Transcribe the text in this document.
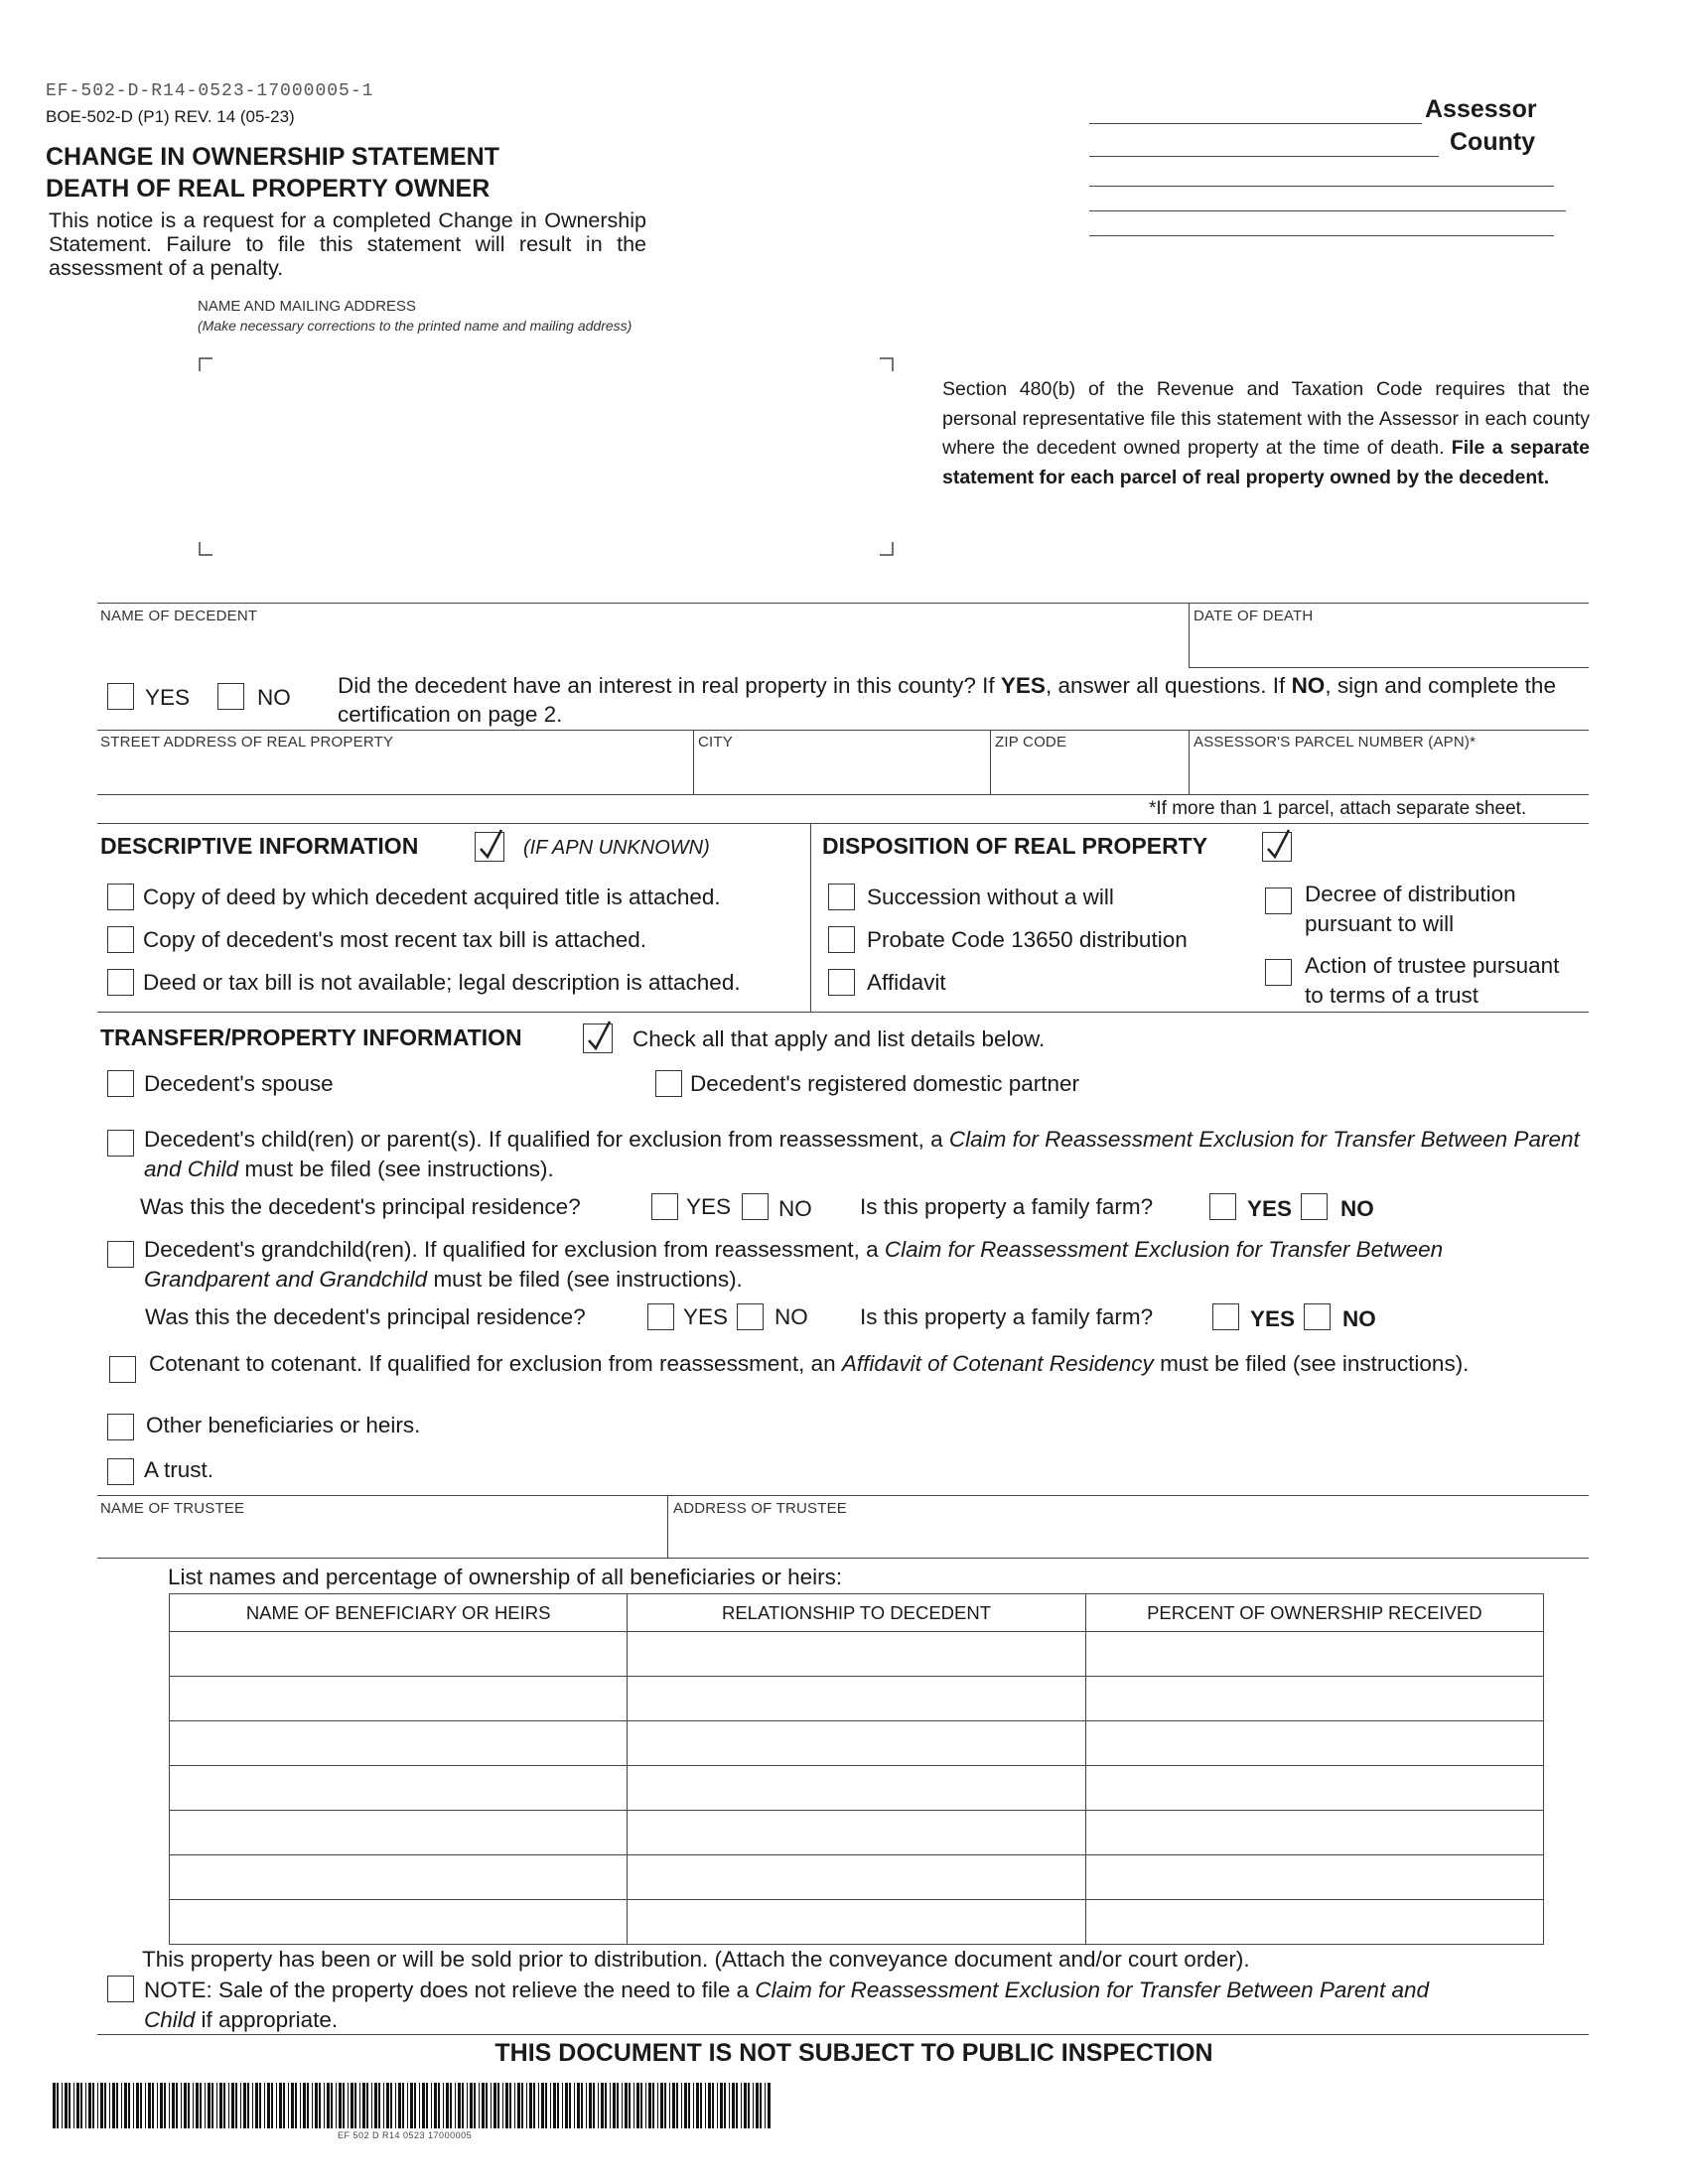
EF-502-D-R14-0523-17000005-1
BOE-502-D (P1) REV. 14 (05-23)
CHANGE IN OWNERSHIP STATEMENT
DEATH OF REAL PROPERTY OWNER
This notice is a request for a completed Change in Ownership Statement. Failure to file this statement will result in the assessment of a penalty.
Assessor
County
NAME AND MAILING ADDRESS
(Make necessary corrections to the printed name and mailing address)
Section 480(b) of the Revenue and Taxation Code requires that the personal representative file this statement with the Assessor in each county where the decedent owned property at the time of death. File a separate statement for each parcel of real property owned by the decedent.
NAME OF DECEDENT	DATE OF DEATH
YES	NO Did the decedent have an interest in real property in this county? If YES, answer all questions. If NO, sign and complete the certification on page 2.
STREET ADDRESS OF REAL PROPERTY	CITY	ZIP CODE	ASSESSOR'S PARCEL NUMBER (APN)*
*If more than 1 parcel, attach separate sheet.
DESCRIPTIVE INFORMATION	(IF APN UNKNOWN)
Copy of deed by which decedent acquired title is attached.
Copy of decedent's most recent tax bill is attached.
Deed or tax bill is not available; legal description is attached.
DISPOSITION OF REAL PROPERTY
Succession without a will
Probate Code 13650 distribution
Affidavit
Decree of distribution
pursuant to will
Action of trustee pursuant
to terms of a trust
TRANSFER/PROPERTY INFORMATION	Check all that apply and list details below.
Decedent's spouse	Decedent's registered domestic partner
Decedent's child(ren) or parent(s). If qualified for exclusion from reassessment, a Claim for Reassessment Exclusion for Transfer Between Parent and Child must be filed (see instructions).
Was this the decedent's principal residence?	YES NO Is this property a family farm?	YES NO
Decedent's grandchild(ren). If qualified for exclusion from reassessment, a Claim for Reassessment Exclusion for Transfer Between Grandparent and Grandchild must be filed (see instructions).
Was this the decedent's principal residence?	YES NO Is this property a family farm?	YES NO
Cotenant to cotenant. If qualified for exclusion from reassessment, an Affidavit of Cotenant Residency must be filed (see instructions).
Other beneficiaries or heirs.
A trust.
NAME OF TRUSTEE	ADDRESS OF TRUSTEE
List names and percentage of ownership of all beneficiaries or heirs:
NAME OF BENEFICIARY OR HEIRS	RELATIONSHIP TO DECEDENT	PERCENT OF OWNERSHIP RECEIVED

This property has been or will be sold prior to distribution. (Attach the conveyance document and/or court order).
NOTE: Sale of the property does not relieve the need to file a Claim for Reassessment Exclusion for Transfer Between Parent and Child if appropriate.
THIS DOCUMENT IS NOT SUBJECT TO PUBLIC INSPECTION
EF 502 D R14 0523 17000005
